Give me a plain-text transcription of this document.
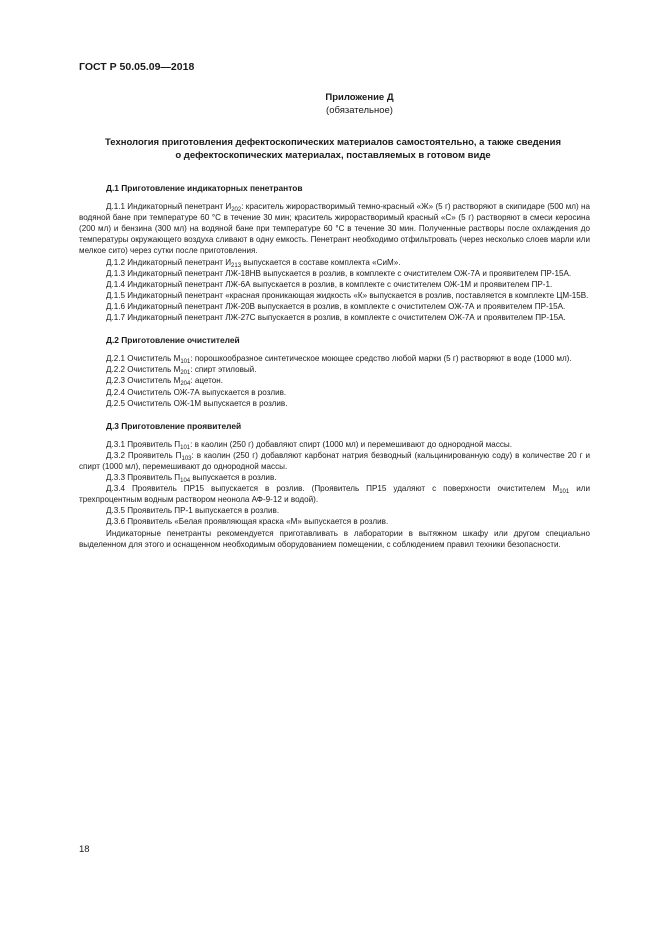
ГОСТ Р 50.05.09—2018
Приложение Д
(обязательное)
Технология приготовления дефектоскопических материалов самостоятельно, а также сведения
о дефектоскопических материалах, поставляемых в готовом виде
Д.1 Приготовление индикаторных пенетрантов

Д.1.1 Индикаторный пенетрант $И_{202}$: краситель жирорастворимый темно-красный «Ж» (5 г) растворяют в скипидаре (500 мл) на водяной бане при температуре 60 °С в течение 30 мин; краситель жирорастворимый красный «С» (5 г) растворяют в смеси керосина (200 мл) и бензина (300 мл) на водяной бане при температуре 60 °С в течение 30 мин. Полученные растворы после охлаждения до температуры окружающего воздуха сливают в одну емкость. Пенетрант необходимо отфильтровать (через несколько слоев марли или мелкое сито) через сутки после приготовления.

Д.1.2 Индикаторный пенетрант $И_{213}$ выпускается в составе комплекта «СиМ».

Д.1.3 Индикаторный пенетрант ЛЖ-18НВ выпускается в розлив, в комплекте с очистителем ОЖ-7А и проявителем ПР-15А.

Д.1.4 Индикаторный пенетрант ЛЖ-6А выпускается в розлив, в комплекте с очистителем ОЖ-1М и проявителем ПР-1.

Д.1.5 Индикаторный пенетрант «красная проникающая жидкость «К» выпускается в розлив, поставляется в комплекте ЦМ-15В.

Д.1.6 Индикаторный пенетрант ЛЖ-20В выпускается в розлив, в комплекте с очистителем ОЖ-7А и проявителем ПР-15А.

Д.1.7 Индикаторный пенетрант ЛЖ-27С выпускается в розлив, в комплекте с очистителем ОЖ-7А и проявителем ПР-15А.

Д.2 Приготовление очистителей

Д.2.1 Очиститель $М_{101}$: порошкообразное синтетическое моющее средство любой марки (5 г) растворяют в воде (1000 мл).

Д.2.2 Очиститель $М_{201}$: спирт этиловый.

Д.2.3 Очиститель $М_{204}$: ацетон.

Д.2.4 Очиститель ОЖ-7А выпускается в розлив.

Д.2.5 Очиститель ОЖ-1М выпускается в розлив.

Д.3 Приготовление проявителей

Д.3.1 Проявитель $П_{101}$: в каолин (250 г) добавляют спирт (1000 мл) и перемешивают до однородной массы.

Д.3.2 Проявитель $П_{103}$: в каолин (250 г) добавляют карбонат натрия безводный (кальцинированную соду) в количестве 20 г и спирт (1000 мл), перемешивают до однородной массы.

Д.3.3 Проявитель $П_{104}$ выпускается в розлив.

Д.3.4 Проявитель ПР15 выпускается в розлив. (Проявитель ПР15 удаляют с поверхности очистителем $М_{101}$ или трехпроцентным водным раствором неонола АФ-9-12 и водой).

Д.3.5 Проявитель ПР-1 выпускается в розлив.

Д.3.6 Проявитель «Белая проявляющая краска «М» выпускается в розлив.

Индикаторные пенетранты рекомендуется приготавливать в лаборатории в вытяжном шкафу или другом специально выделенном для этого и оснащенном необходимым оборудованием помещении, с соблюдением правил техники безопасности.

18
